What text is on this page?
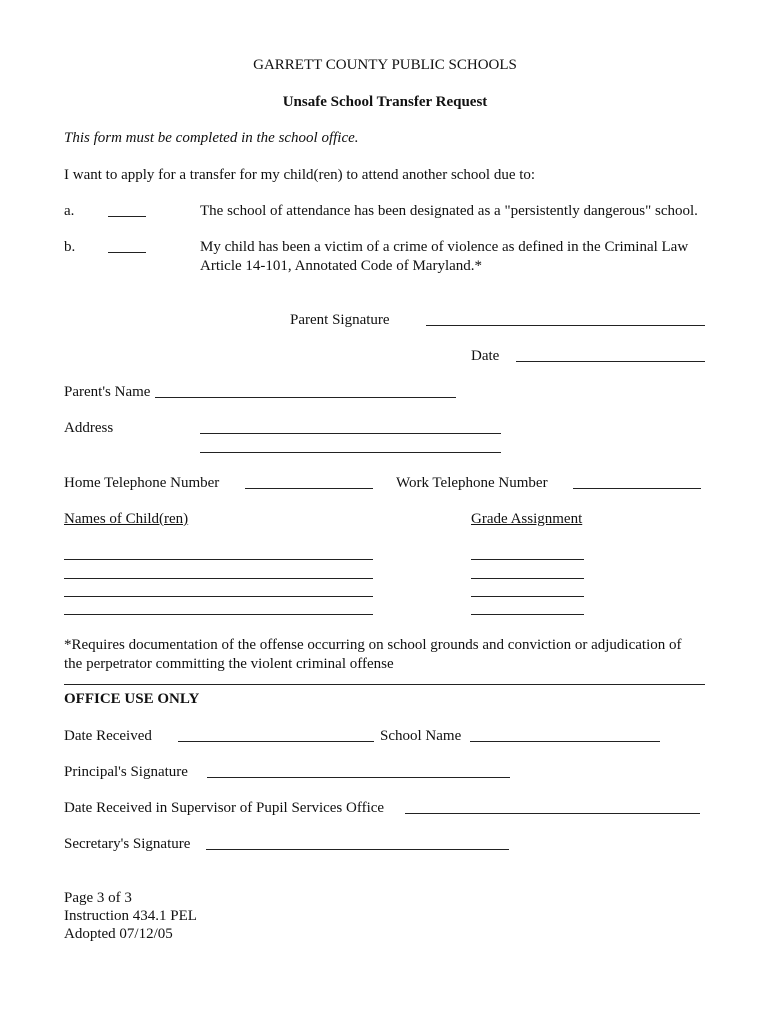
GARRETT COUNTY PUBLIC SCHOOLS
Unsafe School Transfer Request
This form must be completed in the school office.
I want to apply for a transfer for my child(ren) to attend another school due to:
a.	The school of attendance has been designated as a "persistently dangerous" school.
b.	My child has been a victim of a crime of violence as defined in the Criminal Law
Article 14-101, Annotated Code of Maryland.*
Parent Signature
Date
Parent's Name
Address
Home Telephone Number	Work Telephone Number
Names of Child(ren)	Grade Assignment
*Requires documentation of the offense occurring on school grounds and conviction or adjudication of
the perpetrator committing the violent criminal offense
OFFICE USE ONLY
Date Received	School Name
Principal's Signature
Date Received in Supervisor of Pupil Services Office
Secretary's Signature
Page 3 of 3
Instruction 434.1 PEL
Adopted 07/12/05
